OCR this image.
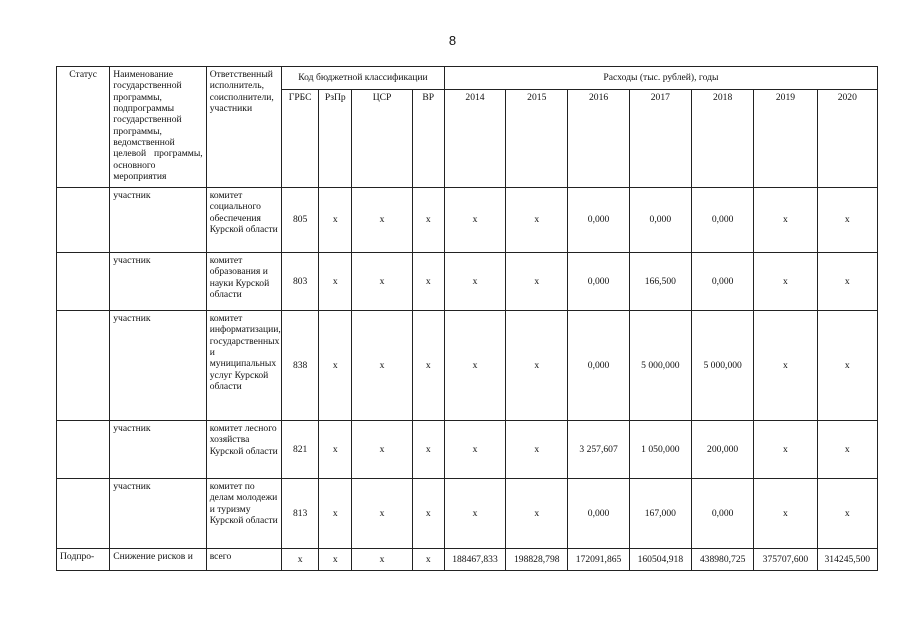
8
Статус	Наименование государственной программы, подпрограммы государственной программы, ведомственной целевой программы, основного мероприятия	Ответственный исполнитель, соисполнители, участники	Код бюджетной классификации				Расходы (тыс. рублей), годы						
			ГРБС	РзПр	ЦСР	ВР	2014	2015	2016	2017	2018	2019	2020
	участник	комитет социального обеспечения Курской области	805	х	х	х	х	х	0,000	0,000	0,000	х	х
	участник	комитет образования и науки Курской области	803	х	х	х	х	х	0,000	166,500	0,000	х	х
	участник	комитет информатизации, государственных и муниципальных услуг Курской области	838	х	х	х	х	х	0,000	5 000,000	5 000,000	х	х
	участник	комитет лесного хозяйства Курской области	821	х	х	х	х	х	3 257,607	1 050,000	200,000	х	х
	участник	комитет по делам молодежи и туризму Курской области	813	х	х	х	х	х	0,000	167,000	0,000	х	х
Подпро-	Снижение рисков и	всего	х	х	х	х	188467,833	198828,798	172091,865	160504,918	438980,725	375707,600	314245,500
